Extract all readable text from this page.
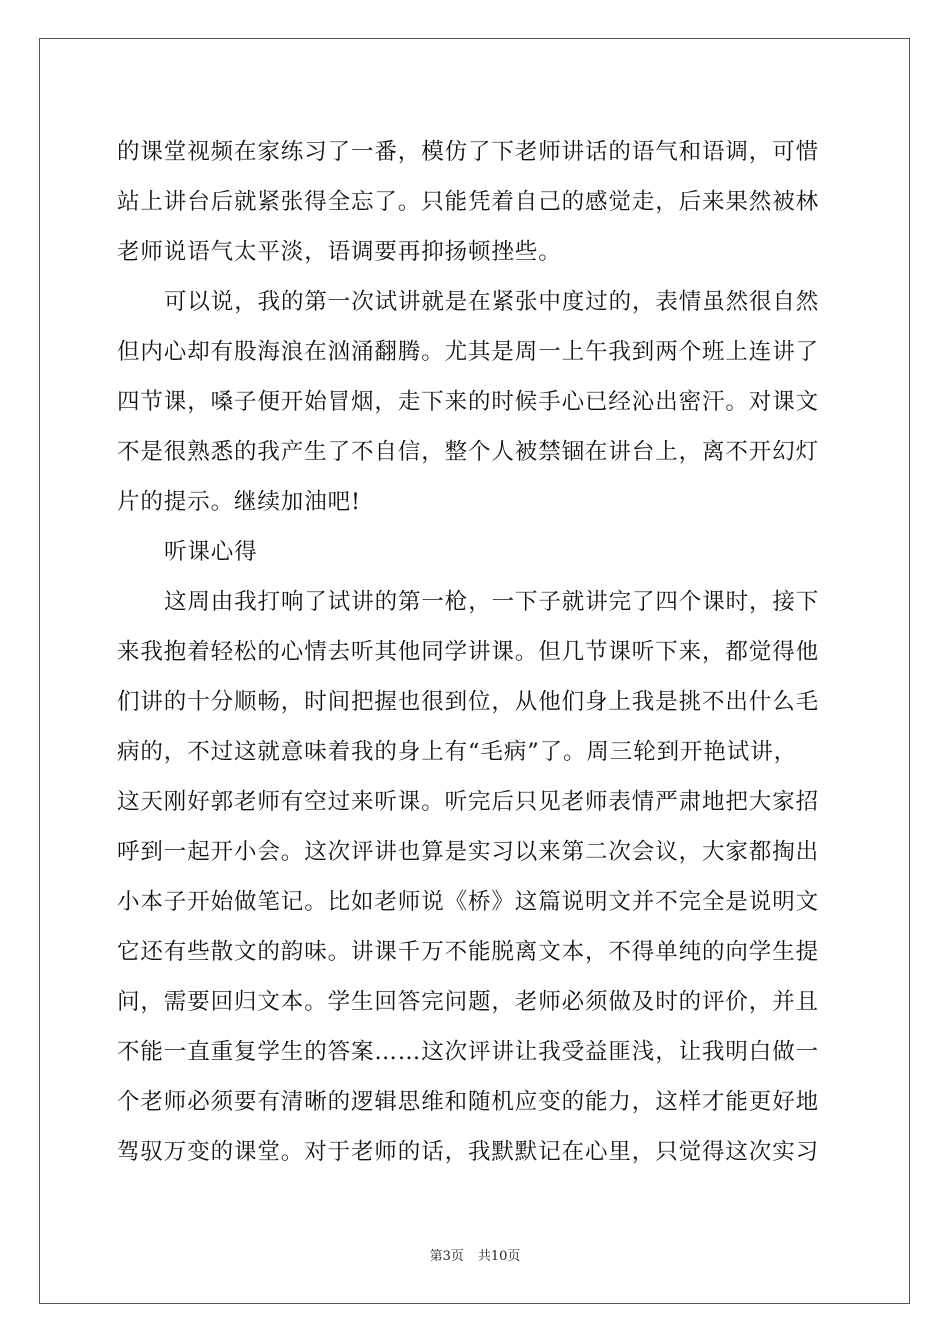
的课堂视频在家练习了一番，模仿了下老师讲话的语气和语调，可惜
站上讲台后就紧张得全忘了。只能凭着自己的感觉走，后来果然被林
老师说语气太平淡，语调要再抑扬顿挫些。
可以说，我的第一次试讲就是在紧张中度过的，表情虽然很自然
但内心却有股海浪在汹涌翻腾。尤其是周一上午我到两个班上连讲了
四节课，嗓子便开始冒烟，走下来的时候手心已经沁出密汗。对课文
不是很熟悉的我产生了不自信，整个人被禁锢在讲台上，离不开幻灯
片的提示。继续加油吧!
听课心得
这周由我打响了试讲的第一枪，一下子就讲完了四个课时，接下
来我抱着轻松的心情去听其他同学讲课。但几节课听下来，都觉得他
们讲的十分顺畅，时间把握也很到位，从他们身上我是挑不出什么毛
病的，不过这就意味着我的身上有“毛病”了。周三轮到开艳试讲，
这天刚好郭老师有空过来听课。听完后只见老师表情严肃地把大家招
呼到一起开小会。这次评讲也算是实习以来第二次会议，大家都掏出
小本子开始做笔记。比如老师说《桥》这篇说明文并不完全是说明文
它还有些散文的韵味。讲课千万不能脱离文本，不得单纯的向学生提
问，需要回归文本。学生回答完问题，老师必须做及时的评价，并且
不能一直重复学生的答案……这次评讲让我受益匪浅，让我明白做一
个老师必须要有清晰的逻辑思维和随机应变的能力，这样才能更好地
驾驭万变的课堂。对于老师的话，我默默记在心里，只觉得这次实习
第3页 共10页
